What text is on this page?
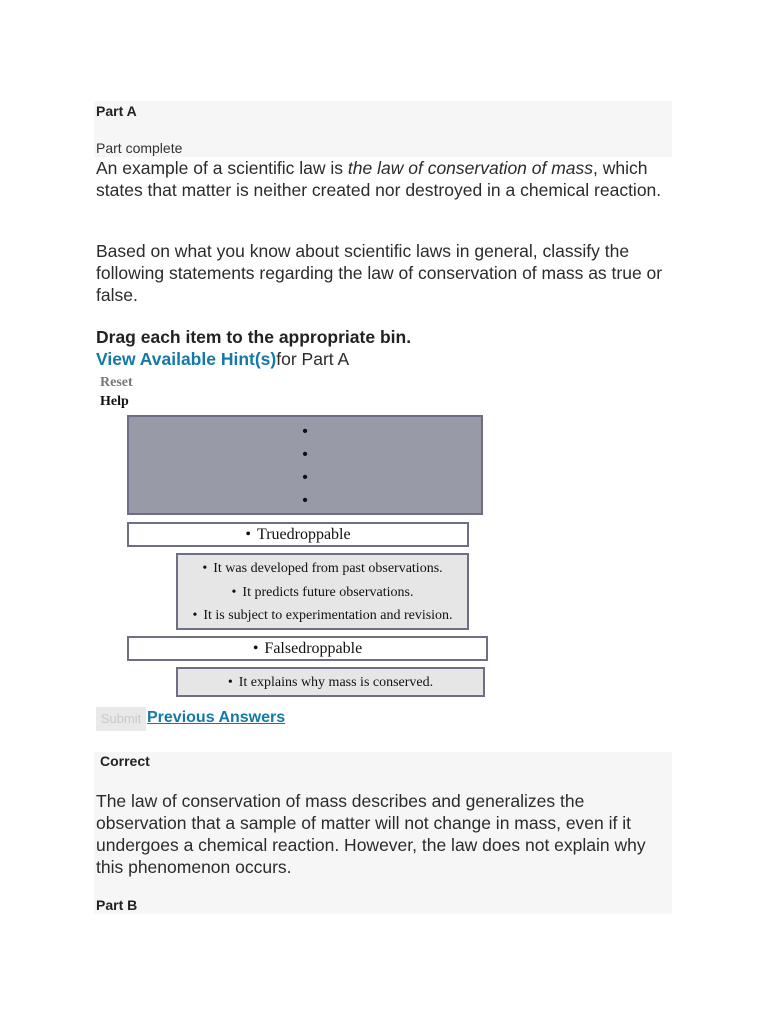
Part A
Part complete
An example of a scientific law is the law of conservation of mass, which states that matter is neither created nor destroyed in a chemical reaction.
Based on what you know about scientific laws in general, classify the following statements regarding the law of conservation of mass as true or false.
Drag each item to the appropriate bin.
View Available Hint(s)for Part A
Reset
Help
•
•
•
•
• Truedroppable
• It was developed from past observations.
• It predicts future observations.
• It is subject to experimentation and revision.
• Falsedroppable
• It explains why mass is conserved.
Submit Previous Answers
Correct
The law of conservation of mass describes and generalizes the observation that a sample of matter will not change in mass, even if it undergoes a chemical reaction. However, the law does not explain why this phenomenon occurs.
Part B
